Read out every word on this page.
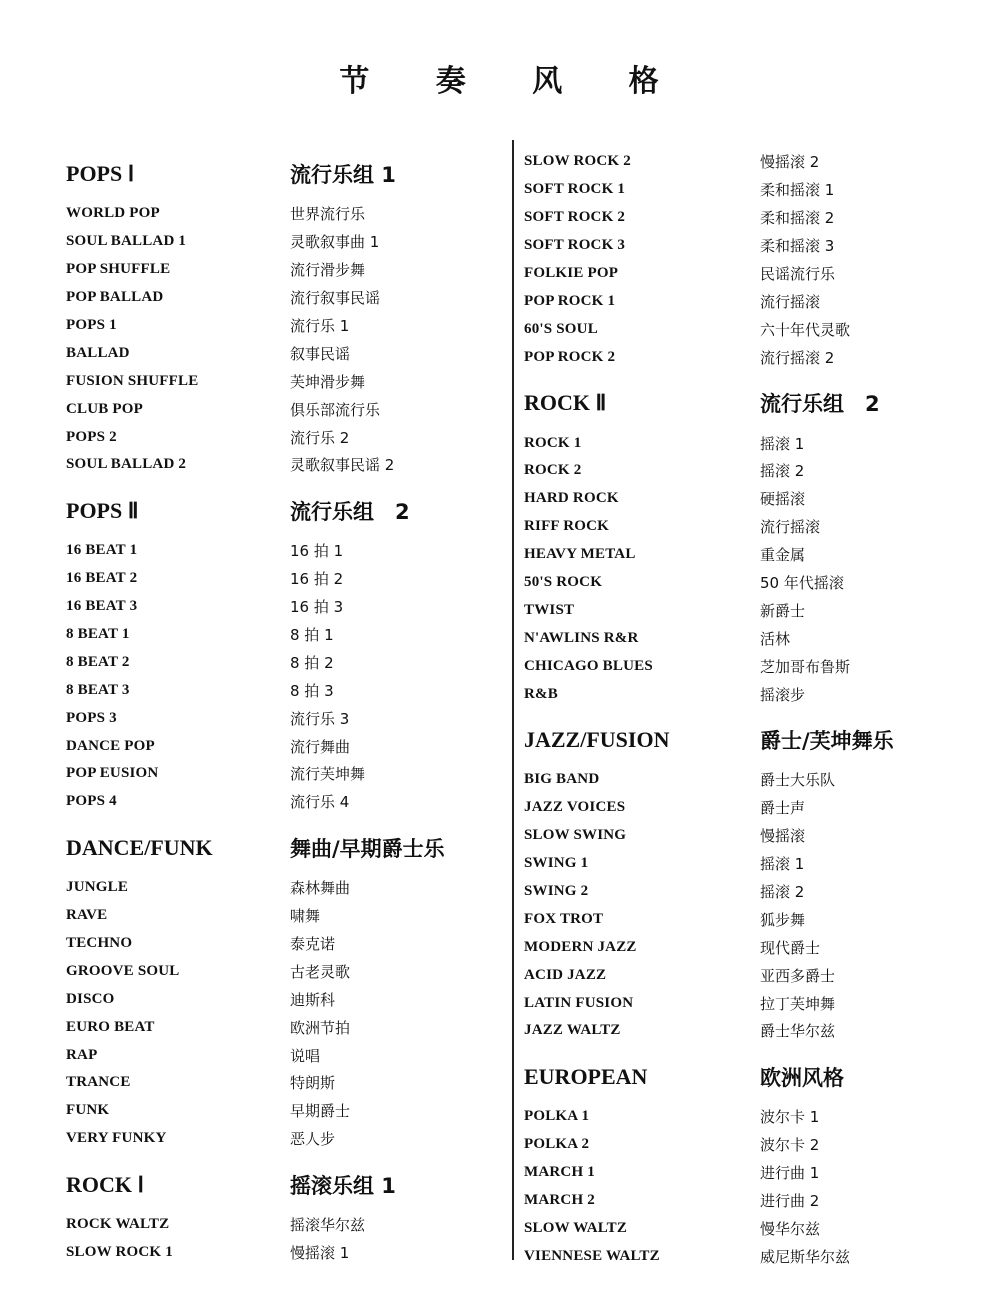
节 奏 风 格
POPS Ⅰ	流行乐组 1
WORLD POP	世界流行乐
SOUL BALLAD 1	灵歌叙事曲 1
POP SHUFFLE	流行滑步舞
POP BALLAD	流行叙事民谣
POPS 1	流行乐 1
BALLAD	叙事民谣
FUSION SHUFFLE	芙坤滑步舞
CLUB POP	俱乐部流行乐
POPS 2	流行乐 2
SOUL BALLAD 2	灵歌叙事民谣 2
POPS Ⅱ	流行乐组　2
16 BEAT 1	16 拍 1
16 BEAT 2	16 拍 2
16 BEAT 3	16 拍 3
8 BEAT 1	8 拍 1
8 BEAT 2	8 拍 2
8 BEAT 3	8 拍 3
POPS 3	流行乐 3
DANCE POP	流行舞曲
POP EUSION	流行芙坤舞
POPS 4	流行乐 4
DANCE/FUNK	舞曲/早期爵士乐
JUNGLE	森林舞曲
RAVE	啸舞
TECHNO	泰克诺
GROOVE SOUL	古老灵歌
DISCO	迪斯科
EURO BEAT	欧洲节拍
RAP	说唱
TRANCE	特朗斯
FUNK	早期爵士
VERY FUNKY	恶人步
ROCK Ⅰ	摇滚乐组 1
ROCK WALTZ	摇滚华尔兹
SLOW ROCK 1	慢摇滚 1
SLOW ROCK 2	慢摇滚 2
SOFT ROCK 1	柔和摇滚 1
SOFT ROCK 2	柔和摇滚 2
SOFT ROCK 3	柔和摇滚 3
FOLKIE POP	民谣流行乐
POP ROCK 1	流行摇滚
60'S SOUL	六十年代灵歌
POP ROCK 2	流行摇滚 2
ROCK Ⅱ	流行乐组　2
ROCK 1	摇滚 1
ROCK 2	摇滚 2
HARD ROCK	硬摇滚
RIFF ROCK	流行摇滚
HEAVY METAL	重金属
50'S ROCK	50 年代摇滚
TWIST	新爵士
N'AWLINS R&R	活林
CHICAGO BLUES	芝加哥布鲁斯
R&B	摇滚步
JAZZ/FUSION	爵士/芙坤舞乐
BIG BAND	爵士大乐队
JAZZ VOICES	爵士声
SLOW SWING	慢摇滚
SWING 1	摇滚 1
SWING 2	摇滚 2
FOX TROT	狐步舞
MODERN JAZZ	现代爵士
ACID JAZZ	亚西多爵士
LATIN FUSION	拉丁芙坤舞
JAZZ WALTZ	爵士华尔兹
EUROPEAN	欧洲风格
POLKA 1	波尔卡 1
POLKA 2	波尔卡 2
MARCH 1	进行曲 1
MARCH 2	进行曲 2
SLOW WALTZ	慢华尔兹
VIENNESE WALTZ	威尼斯华尔兹
